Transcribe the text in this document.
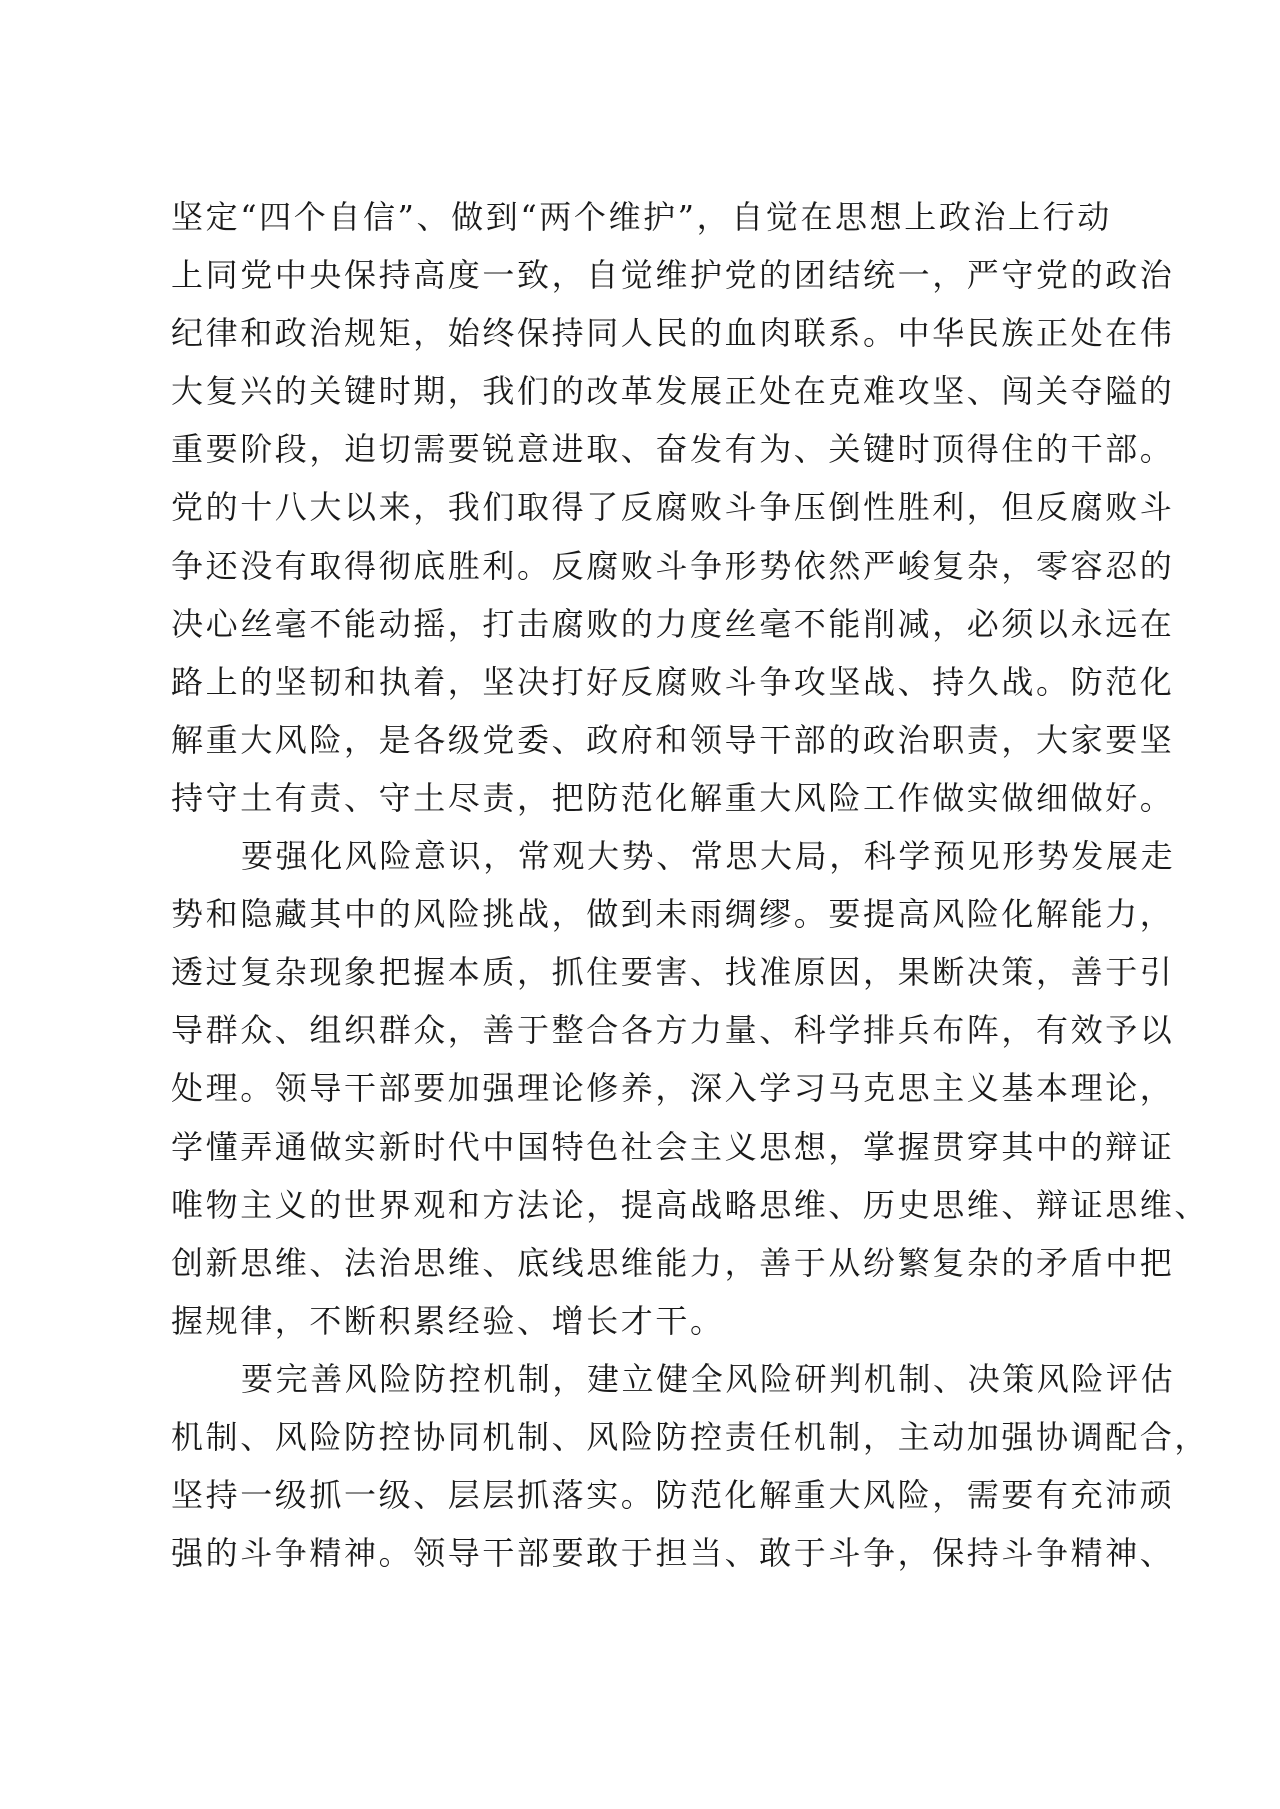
坚定“四个自信”、做到“两个维护”，自觉在思想上政治上行动
上同党中央保持高度一致，自觉维护党的团结统一，严守党的政治
纪律和政治规矩，始终保持同人民的血肉联系。中华民族正处在伟
大复兴的关键时期，我们的改革发展正处在克难攻坚、闯关夺隘的
重要阶段，迫切需要锐意进取、奋发有为、关键时顶得住的干部。
党的十八大以来，我们取得了反腐败斗争压倒性胜利，但反腐败斗
争还没有取得彻底胜利。反腐败斗争形势依然严峻复杂，零容忍的
决心丝毫不能动摇，打击腐败的力度丝毫不能削减，必须以永远在
路上的坚韧和执着，坚决打好反腐败斗争攻坚战、持久战。防范化
解重大风险，是各级党委、政府和领导干部的政治职责，大家要坚
持守土有责、守土尽责，把防范化解重大风险工作做实做细做好。
要强化风险意识，常观大势、常思大局，科学预见形势发展走
势和隐藏其中的风险挑战，做到未雨绸缪。要提高风险化解能力，
透过复杂现象把握本质，抓住要害、找准原因，果断决策，善于引
导群众、组织群众，善于整合各方力量、科学排兵布阵，有效予以
处理。领导干部要加强理论修养，深入学习马克思主义基本理论，
学懂弄通做实新时代中国特色社会主义思想，掌握贯穿其中的辩证
唯物主义的世界观和方法论，提高战略思维、历史思维、辩证思维、
创新思维、法治思维、底线思维能力，善于从纷繁复杂的矛盾中把
握规律，不断积累经验、增长才干。
要完善风险防控机制，建立健全风险研判机制、决策风险评估
机制、风险防控协同机制、风险防控责任机制，主动加强协调配合，
坚持一级抓一级、层层抓落实。防范化解重大风险，需要有充沛顽
强的斗争精神。领导干部要敢于担当、敢于斗争，保持斗争精神、
